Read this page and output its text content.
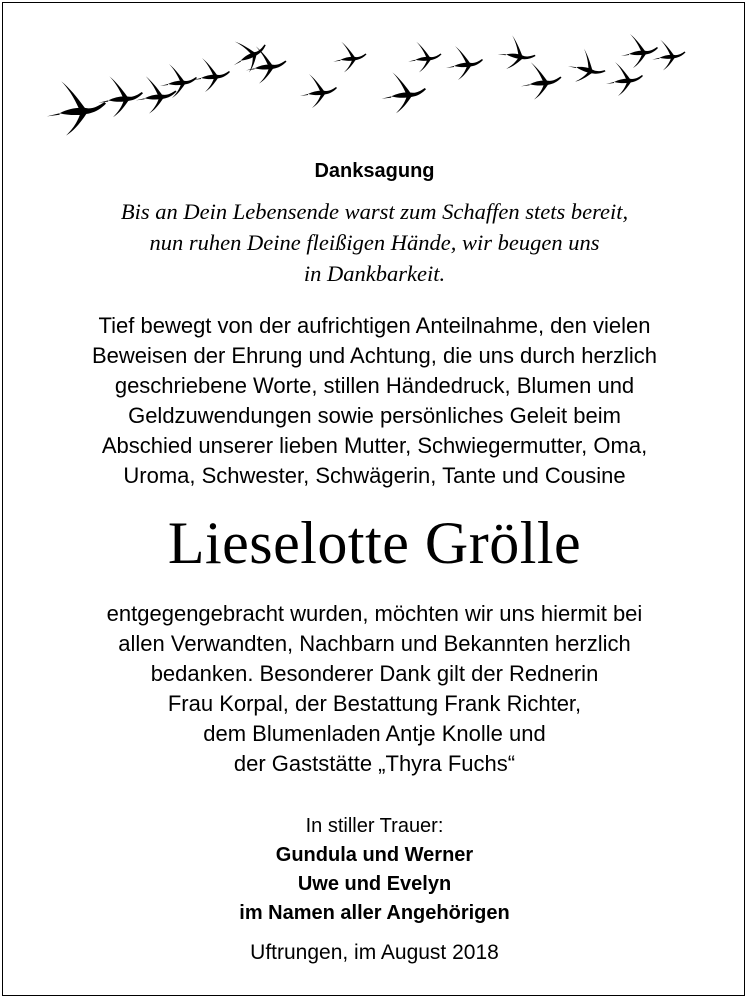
Danksagung
Bis an Dein Lebensende warst zum Schaffen stets bereit,
nun ruhen Deine fleißigen Hände, wir beugen uns
in Dankbarkeit.
Tief bewegt von der aufrichtigen Anteilnahme, den vielen
Beweisen der Ehrung und Achtung, die uns durch herzlich
geschriebene Worte, stillen Händedruck, Blumen und
Geldzuwendungen sowie persönliches Geleit beim
Abschied unserer lieben Mutter, Schwiegermutter, Oma,
Uroma, Schwester, Schwägerin, Tante und Cousine
Lieselotte Grölle
entgegengebracht wurden, möchten wir uns hiermit bei
allen Verwandten, Nachbarn und Bekannten herzlich
bedanken. Besonderer Dank gilt der Rednerin
Frau Korpal, der Bestattung Frank Richter,
dem Blumenladen Antje Knolle und
der Gaststätte „Thyra Fuchs“
In stiller Trauer:
Gundula und Werner
Uwe und Evelyn
im Namen aller Angehörigen
Uftrungen, im August 2018
